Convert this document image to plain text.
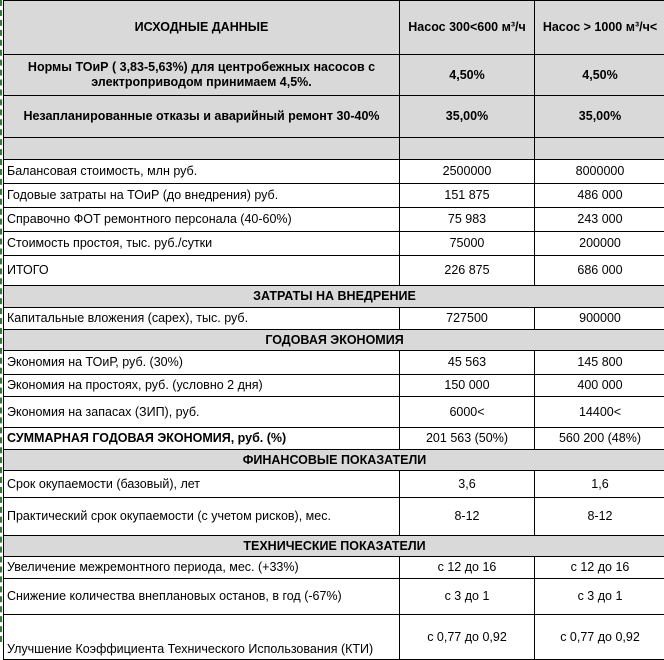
ИСХОДНЫЕ ДАННЫЕ	Насос 300<600 м³/ч	Насос > 1000 м³/ч<
Нормы ТОиР ( 3,83-5,63%) для центробежных насосов с электроприводом принимаем 4,5%.	4,50%	4,50%
Незапланированные отказы и аварийный ремонт 30-40%	35,00%	35,00%

Балансовая стоимость, млн руб.	2500000	8000000
Годовые затраты на ТОиР (до внедрения) руб.	151 875	486 000
Справочно ФОТ ремонтного персонала (40-60%)	75 983	243 000
Стоимость простоя, тыс. руб./сутки	75000	200000
ИТОГО	226 875	686 000
ЗАТРАТЫ НА ВНЕДРЕНИЕ		
Капитальные вложения (capex), тыс. руб.	727500	900000
ГОДОВАЯ ЭКОНОМИЯ		
Экономия на ТОиР, руб. (30%)	45 563	145 800
Экономия на простоях, руб. (условно 2 дня)	150 000	400 000
Экономия на запасах (ЗИП), руб.	6000<	14400<
СУММАРНАЯ ГОДОВАЯ ЭКОНОМИЯ, руб. (%)	201 563 (50%)	560 200 (48%)
ФИНАНСОВЫЕ ПОКАЗАТЕЛИ		
Срок окупаемости (базовый), лет	3,6	1,6
Практический срок окупаемости (с учетом рисков), мес.	8-12	8-12
ТЕХНИЧЕСКИЕ ПОКАЗАТЕЛИ		
Увеличение межремонтного периода, мес. (+33%)	с 12 до 16	с 12 до 16
Снижение количества внеплановых останов, в год (-67%)	с 3 до 1	с 3 до 1
Улучшение Коэффициента Технического Использования (КТИ)	с 0,77 до 0,92	с 0,77 до 0,92
